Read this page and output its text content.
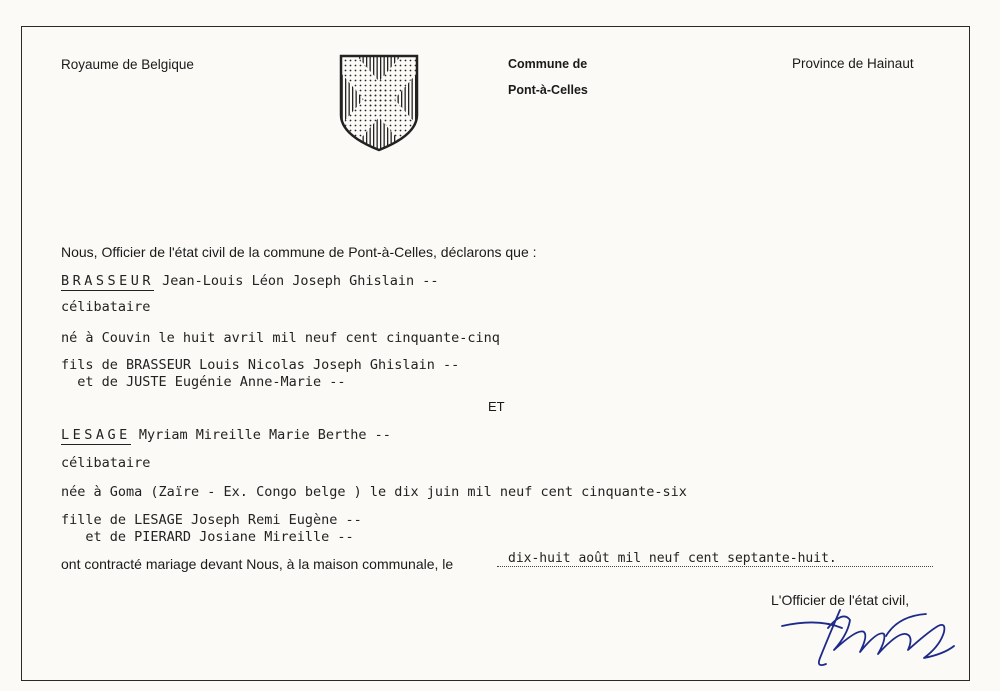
Royaume de Belgique	Commune de
Pont-à-Celles
Province de Hainaut
Nous, Officier de l'état civil de la commune de Pont-à-Celles, déclarons que :
BRASSEUR Jean-Louis Léon Joseph Ghislain --
célibataire
né à Couvin le huit avril mil neuf cent cinquante-cinq
fils de BRASSEUR Louis Nicolas Joseph Ghislain --
et de JUSTE Eugénie Anne-Marie --
ET
LESAGE Myriam Mireille Marie Berthe --
célibataire
née à Goma (Zaïre - Ex. Congo belge ) le dix juin mil neuf cent cinquante-six
fille de LESAGE Joseph Remi Eugène --
et de PIERARD Josiane Mireille --
ont contracté mariage devant Nous, à la maison communale, le	dix-huit août mil neuf cent septante-huit.
L'Officier de l'état civil,
